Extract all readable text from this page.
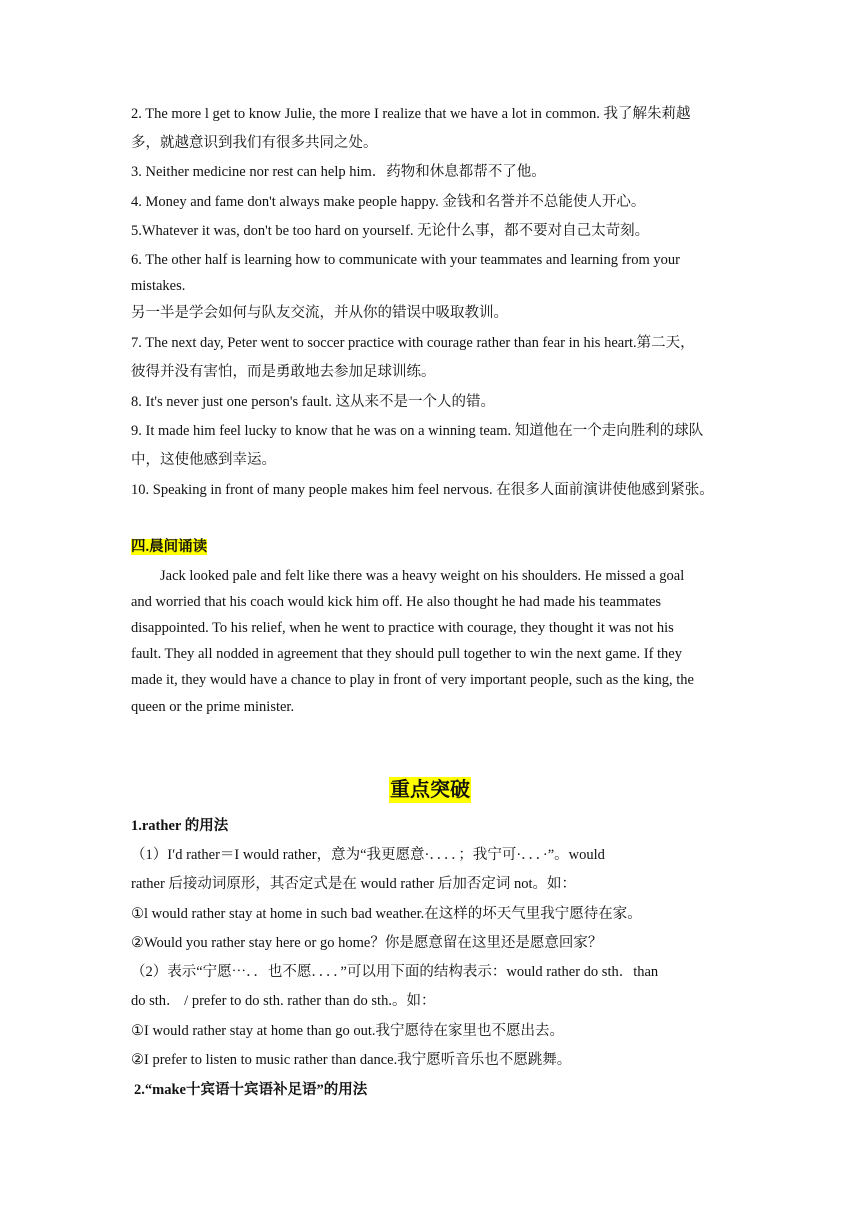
2. The more l get to know Julie, the more I realize that we have a lot in common. 我了解朱莉越
多，就越意识到我们有很多共同之处。
3. Neither medicine nor rest can help him．药物和休息都帮不了他。
4. Money and fame don't always make people happy. 金钱和名誉并不总能使人开心。
5.Whatever it was, don't be too hard on yourself. 无论什么事，都不要对自己太苛刻。
6. The other half is learning how to communicate with your teammates and learning from your
mistakes.
另一半是学会如何与队友交流，并从你的错误中吸取教训。
7. The next day, Peter went to soccer practice with courage rather than fear in his heart.第二天，
彼得并没有害怕，而是勇敢地去参加足球训练。
8. It's never just one person's fault. 这从来不是一个人的错。
9. It made him feel lucky to know that he was on a winning team. 知道他在一个走向胜利的球队
中，这使他感到幸运。
10. Speaking in front of many people makes him feel nervous. 在很多人面前演讲使他感到紧张。
四.晨间诵读
Jack looked pale and felt like there was a heavy weight on his shoulders. He missed a goal
and worried that his coach would kick him off. He also thought he had made his teammates
disappointed. To his relief, when he went to practice with courage, they thought it was not his
fault. They all nodded in agreement that they should pull together to win the next game. If they
made it, they would have a chance to play in front of very important people, such as the king, the
queen or the prime minister.
重点突破
1.rather 的用法
（1）I′d rather＝I would rather，意为“我更愿意·．．．．；我宁可·．．．·”。would
rather 后接动词原形，其否定式是在 would rather 后加否定词 not。如：
①l would rather stay at home in such bad weather.在这样的坏天气里我宁愿待在家。
②Would you rather stay here or go home？你是愿意留在这里还是愿意回家？
（2）表示“宁愿⋯．．也不愿．．．．”可以用下面的结构表示：would rather do sth．than
do sth． / prefer to do sth. rather than do sth.。如：
①I would rather stay at home than go out.我宁愿待在家里也不愿出去。
②I prefer to listen to music rather than dance.我宁愿听音乐也不愿跳舞。
2.“make十宾语十宾语补足语”的用法
